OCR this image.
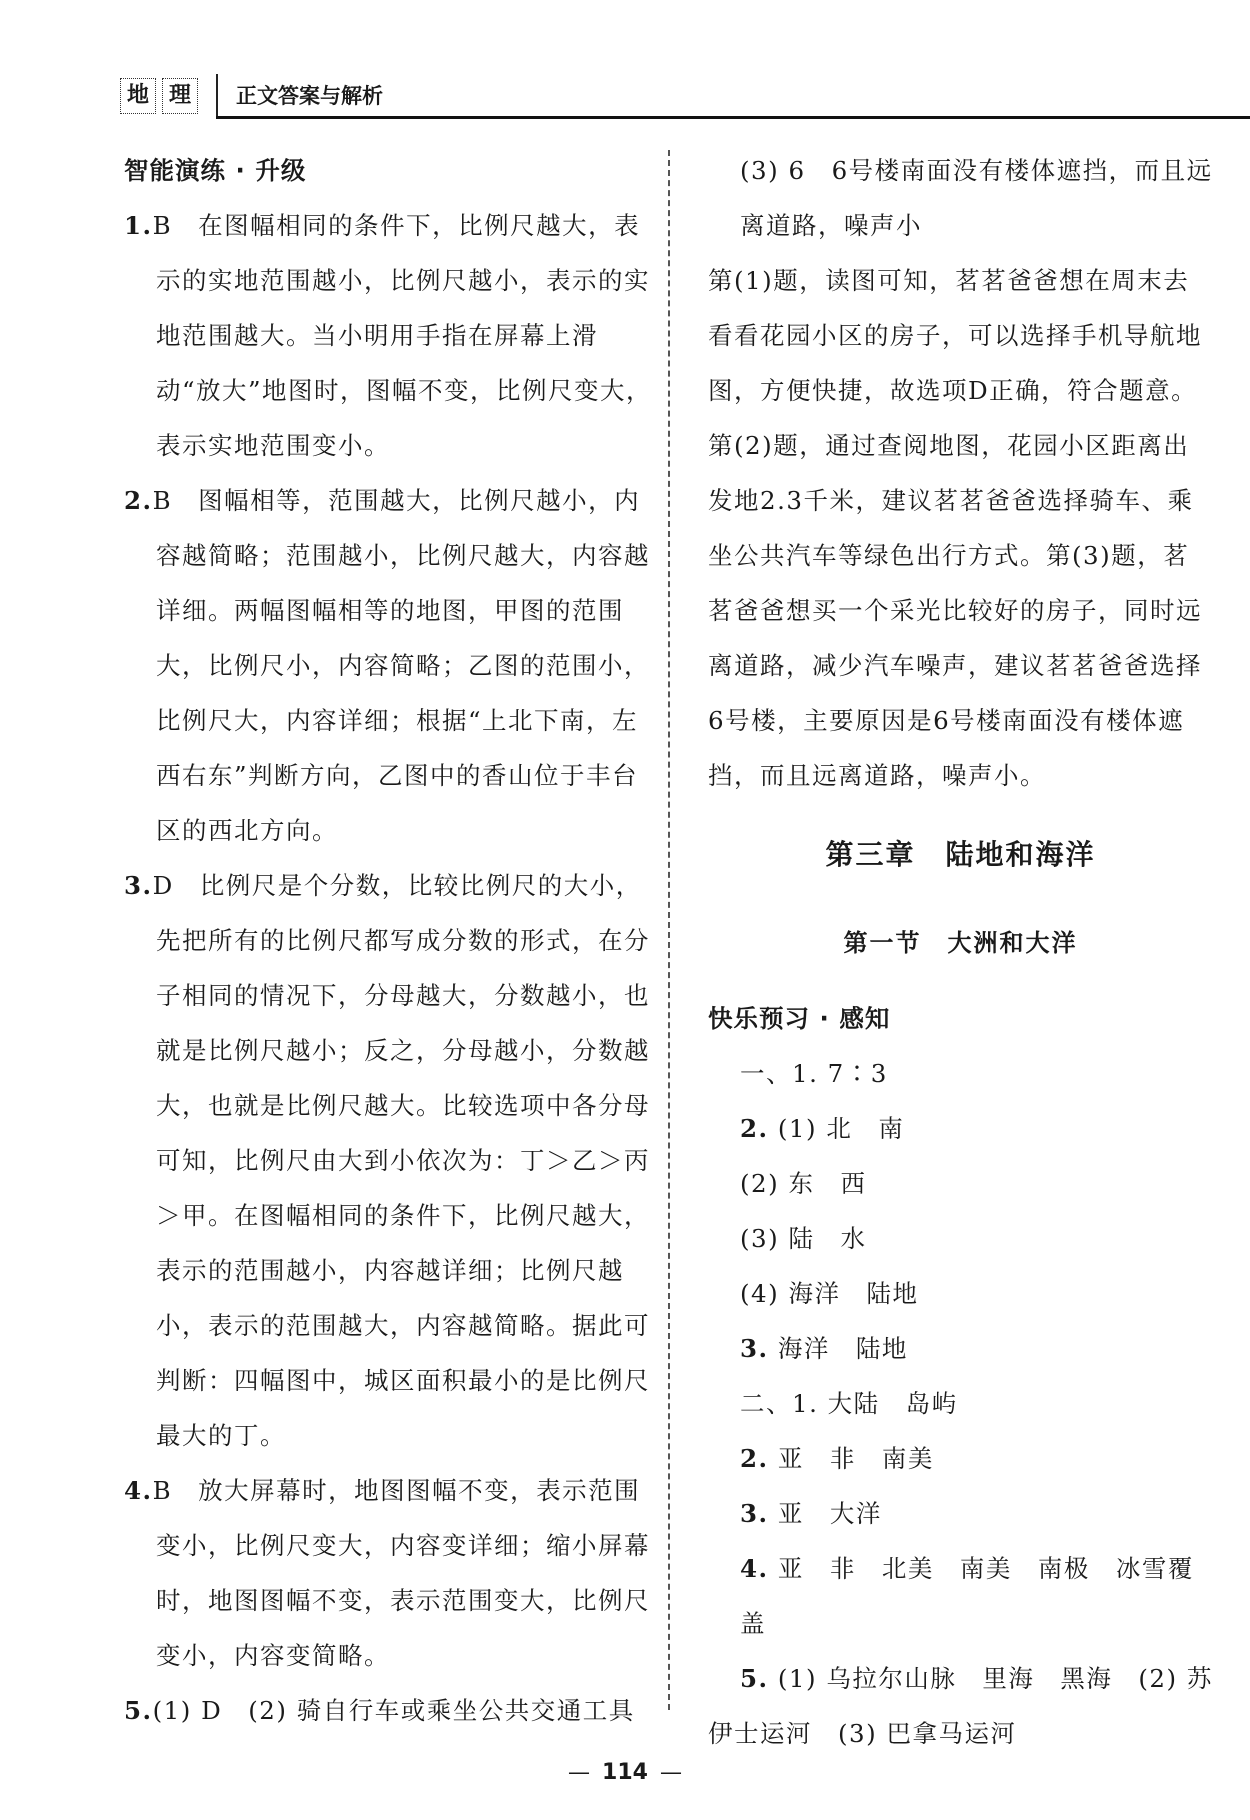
地 理	正文答案与解析

智能演练 · 升级

1.B　在图幅相同的条件下，比例尺越大，表示的实地范围越小，比例尺越小，表示的实地范围越大。当小明用手指在屏幕上滑动“放大”地图时，图幅不变，比例尺变大，表示实地范围变小。

2.B　图幅相等，范围越大，比例尺越小，内容越简略；范围越小，比例尺越大，内容越详细。两幅图幅相等的地图，甲图的范围大，比例尺小，内容简略；乙图的范围小，比例尺大，内容详细；根据“上北下南，左西右东”判断方向，乙图中的香山位于丰台区的西北方向。

3.D　比例尺是个分数，比较比例尺的大小，先把所有的比例尺都写成分数的形式，在分子相同的情况下，分母越大，分数越小，也就是比例尺越小；反之，分母越小，分数越大，也就是比例尺越大。比较选项中各分母可知，比例尺由大到小依次为：丁＞乙＞丙＞甲。在图幅相同的条件下，比例尺越大，表示的范围越小，内容越详细；比例尺越小，表示的范围越大，内容越简略。据此可判断：四幅图中，城区面积最小的是比例尺最大的丁。

4.B　放大屏幕时，地图图幅不变，表示范围变小，比例尺变大，内容变详细；缩小屏幕时，地图图幅不变，表示范围变大，比例尺变小，内容变简略。

5.(1) D　(2) 骑自行车或乘坐公共交通工具

(3) 6　6号楼南面没有楼体遮挡，而且远离道路，噪声小

第(1)题，读图可知，茗茗爸爸想在周末去看看花园小区的房子，可以选择手机导航地图，方便快捷，故选项D正确，符合题意。第(2)题，通过查阅地图，花园小区距离出发地2.3千米，建议茗茗爸爸选择骑车、乘坐公共汽车等绿色出行方式。第(3)题，茗茗爸爸想买一个采光比较好的房子，同时远离道路，减少汽车噪声，建议茗茗爸爸选择6号楼，主要原因是6号楼南面没有楼体遮挡，而且远离道路，噪声小。

第三章　陆地和海洋

第一节　大洲和大洋

快乐预习 · 感知

一、1. 7∶3

2. (1) 北　南

(2) 东　西

(3) 陆　水

(4) 海洋　陆地

3. 海洋　陆地

二、1. 大陆　岛屿

2. 亚　非　南美

3. 亚　大洋

4. 亚　非　北美　南美　南极　冰雪覆盖

5. (1) 乌拉尔山脉　里海　黑海　(2) 苏伊士运河　(3) 巴拿马运河

— 114 —
